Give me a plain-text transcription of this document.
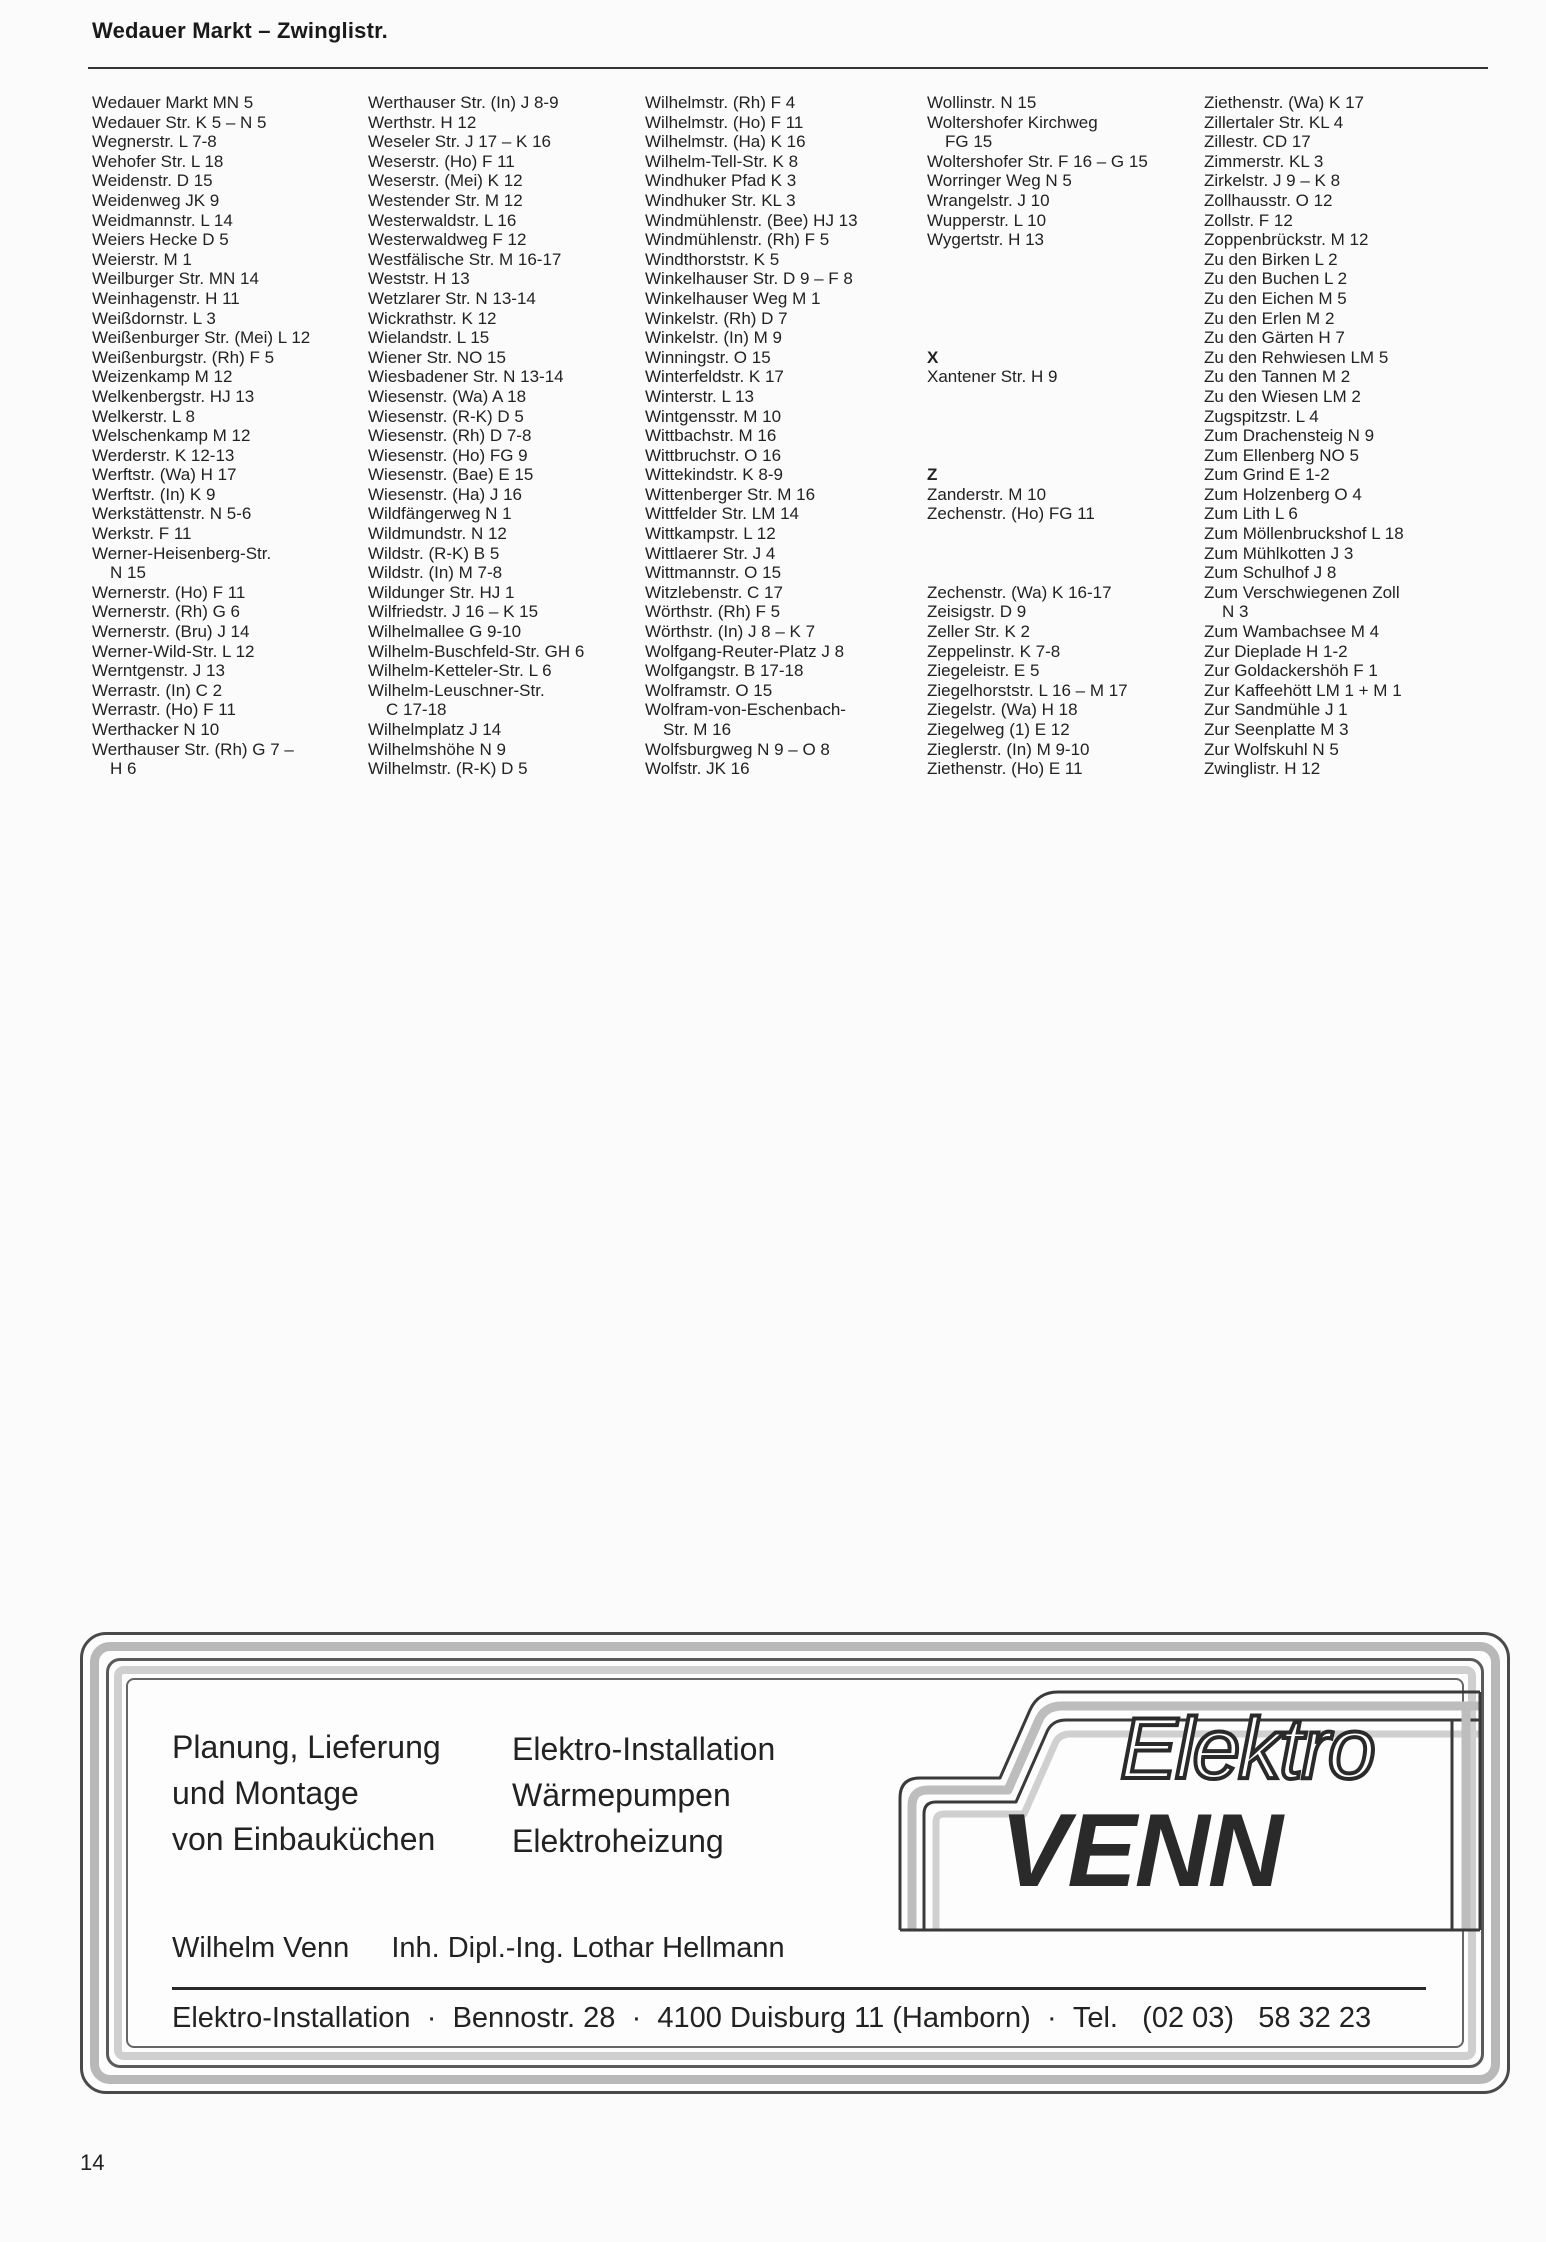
Wedauer Markt – Zwinglistr.
Wedauer Markt MN 5
Wedauer Str. K 5 – N 5
Wegnerstr. L 7-8
Wehofer Str. L 18
Weidenstr. D 15
Weidenweg JK 9
Weidmannstr. L 14
Weiers Hecke D 5
Weierstr. M 1
Weilburger Str. MN 14
Weinhagenstr. H 11
Weißdornstr. L 3
Weißenburger Str. (Mei) L 12
Weißenburgstr. (Rh) F 5
Weizenkamp M 12
Welkenbergstr. HJ 13
Welkerstr. L 8
Welschenkamp M 12
Werderstr. K 12-13
Werftstr. (Wa) H 17
Werftstr. (In) K 9
Werkstättenstr. N 5-6
Werkstr. F 11
Werner-Heisenberg-Str.
N 15
Wernerstr. (Ho) F 11
Wernerstr. (Rh) G 6
Wernerstr. (Bru) J 14
Werner-Wild-Str. L 12
Werntgenstr. J 13
Werrastr. (In) C 2
Werrastr. (Ho) F 11
Werthacker N 10
Werthauser Str. (Rh) G 7 –
H 6
Werthauser Str. (In) J 8-9
Werthstr. H 12
Weseler Str. J 17 – K 16
Weserstr. (Ho) F 11
Weserstr. (Mei) K 12
Westender Str. M 12
Westerwaldstr. L 16
Westerwaldweg F 12
Westfälische Str. M 16-17
Weststr. H 13
Wetzlarer Str. N 13-14
Wickrathstr. K 12
Wielandstr. L 15
Wiener Str. NO 15
Wiesbadener Str. N 13-14
Wiesenstr. (Wa) A 18
Wiesenstr. (R-K) D 5
Wiesenstr. (Rh) D 7-8
Wiesenstr. (Ho) FG 9
Wiesenstr. (Bae) E 15
Wiesenstr. (Ha) J 16
Wildfängerweg N 1
Wildmundstr. N 12
Wildstr. (R-K) B 5
Wildstr. (In) M 7-8
Wildunger Str. HJ 1
Wilfriedstr. J 16 – K 15
Wilhelmallee G 9-10
Wilhelm-Buschfeld-Str. GH 6
Wilhelm-Ketteler-Str. L 6
Wilhelm-Leuschner-Str.
C 17-18
Wilhelmplatz J 14
Wilhelmshöhe N 9
Wilhelmstr. (R-K) D 5
Wilhelmstr. (Rh) F 4
Wilhelmstr. (Ho) F 11
Wilhelmstr. (Ha) K 16
Wilhelm-Tell-Str. K 8
Windhuker Pfad K 3
Windhuker Str. KL 3
Windmühlenstr. (Bee) HJ 13
Windmühlenstr. (Rh) F 5
Windthorststr. K 5
Winkelhauser Str. D 9 – F 8
Winkelhauser Weg M 1
Winkelstr. (Rh) D 7
Winkelstr. (In) M 9
Winningstr. O 15
Winterfeldstr. K 17
Winterstr. L 13
Wintgensstr. M 10
Wittbachstr. M 16
Wittbruchstr. O 16
Wittekindstr. K 8-9
Wittenberger Str. M 16
Wittfelder Str. LM 14
Wittkampstr. L 12
Wittlaerer Str. J 4
Wittmannstr. O 15
Witzlebenstr. C 17
Wörthstr. (Rh) F 5
Wörthstr. (In) J 8 – K 7
Wolfgang-Reuter-Platz J 8
Wolfgangstr. B 17-18
Wolframstr. O 15
Wolfram-von-Eschenbach-
Str. M 16
Wolfsburgweg N 9 – O 8
Wolfstr. JK 16
Wollinstr. N 15
Woltershofer Kirchweg
FG 15
Woltershofer Str. F 16 – G 15
Worringer Weg N 5
Wrangelstr. J 10
Wupperstr. L 10
Wygertstr. H 13
X
Xantener Str. H 9
Z
Zanderstr. M 10
Zechenstr. (Ho) FG 11
Zechenstr. (Wa) K 16-17
Zeisigstr. D 9
Zeller Str. K 2
Zeppelinstr. K 7-8
Ziegeleistr. E 5
Ziegelhorststr. L 16 – M 17
Ziegelstr. (Wa) H 18
Ziegelweg (1) E 12
Zieglerstr. (In) M 9-10
Ziethenstr. (Ho) E 11
Ziethenstr. (Wa) K 17
Zillertaler Str. KL 4
Zillestr. CD 17
Zimmerstr. KL 3
Zirkelstr. J 9 – K 8
Zollhausstr. O 12
Zollstr. F 12
Zoppenbrückstr. M 12
Zu den Birken L 2
Zu den Buchen L 2
Zu den Eichen M 5
Zu den Erlen M 2
Zu den Gärten H 7
Zu den Rehwiesen LM 5
Zu den Tannen M 2
Zu den Wiesen LM 2
Zugspitzstr. L 4
Zum Drachensteig N 9
Zum Ellenberg NO 5
Zum Grind E 1-2
Zum Holzenberg O 4
Zum Lith L 6
Zum Möllenbruckshof L 18
Zum Mühlkotten J 3
Zum Schulhof J 8
Zum Verschwiegenen Zoll
N 3
Zum Wambachsee M 4
Zur Dieplade H 1-2
Zur Goldackershöh F 1
Zur Kaffeehött LM 1 + M 1
Zur Sandmühle J 1
Zur Seenplatte M 3
Zur Wolfskuhl N 5
Zwinglistr. H 12
Planung, Lieferung
und Montage
von Einbauküchen
Elektro-Installation
Wärmepumpen
Elektroheizung
Elektro
VENN
Wilhelm Venn Inh. Dipl.-Ing. Lothar Hellmann
Elektro-Installation · Bennostr. 28 · 4100 Duisburg 11 (Hamborn) · Tel. (02 03) 58 32 23
14
